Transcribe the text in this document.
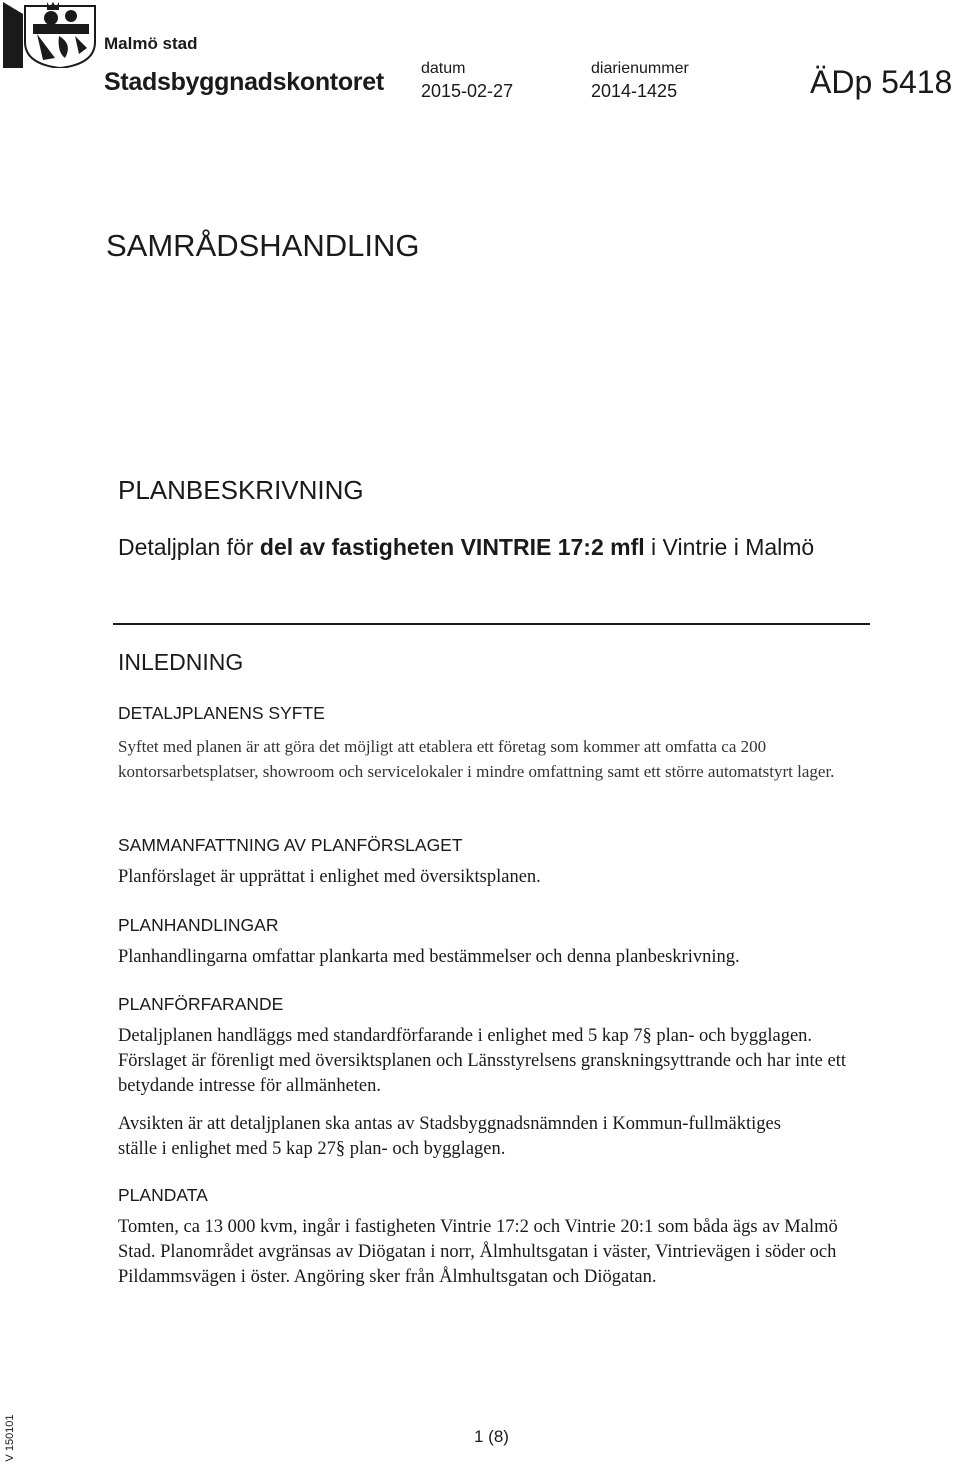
Malmö stad
Stadsbyggnadskontoret datum
2015-02-27
diarienummer
2014-1425	ÄDp 5418
SAMRÅDSHANDLING
PLANBESKRIVNING
Detaljplan för del av fastigheten VINTRIE 17:2 mfl i Vintrie i Malmö
INLEDNING
DETALJPLANENS SYFTE
Syftet med planen är att göra det möjligt att etablera ett företag som kommer att omfatta ca 200 kontorsarbetsplatser, showroom och servicelokaler i mindre omfattning samt ett större automatstyrt lager.
SAMMANFATTNING AV PLANFÖRSLAGET
Planförslaget är upprättat i enlighet med översiktsplanen.
PLANHANDLINGAR
Planhandlingarna omfattar plankarta med bestämmelser och denna planbeskrivning.
PLANFÖRFARANDE
Detaljplanen handläggs med standardförfarande i enlighet med 5 kap 7§ plan- och bygglagen. Förslaget är förenligt med översiktsplanen och Länsstyrelsens granskningsyttrande och har inte ett betydande intresse för allmänheten.
Avsikten är att detaljplanen ska antas av Stadsbyggnadsnämnden i Kommun-fullmäktiges ställe i enlighet med 5 kap 27§ plan- och bygglagen.
PLANDATA
Tomten, ca 13 000 kvm, ingår i fastigheten Vintrie 17:2 och Vintrie 20:1 som båda ägs av Malmö Stad. Planområdet avgränsas av Diögatan i norr, Ålmhultsgatan i väster, Vintrievägen i söder och Pildammsvägen i öster. Angöring sker från Ålmhultsgatan och Diögatan.
1 (8)
V 150101
